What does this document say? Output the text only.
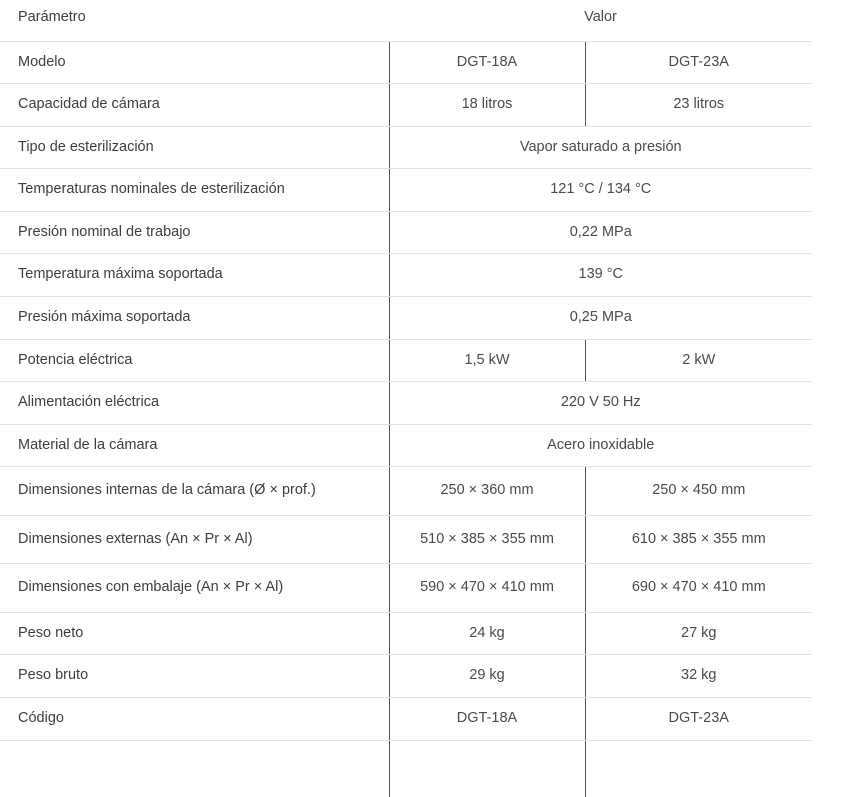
Parámetro	Valor	
Modelo	DGT-18A	DGT-23A
Capacidad de cámara	18 litros	23 litros
Tipo de esterilización	Vapor saturado a presión	
Temperaturas nominales de esterilización	121 °C / 134 °C	
Presión nominal de trabajo	0,22 MPa	
Temperatura máxima soportada	139 °C	
Presión máxima soportada	0,25 MPa	
Potencia eléctrica	1,5 kW	2 kW
Alimentación eléctrica	220 V 50 Hz	
Material de la cámara	Acero inoxidable	
Dimensiones internas de la cámara (Ø × prof.)	250 × 360 mm	250 × 450 mm
Dimensiones externas (An × Pr × Al)	510 × 385 × 355 mm	610 × 385 × 355 mm
Dimensiones con embalaje (An × Pr × Al)	590 × 470 × 410 mm	690 × 470 × 410 mm
Peso neto	24 kg	27 kg
Peso bruto	29 kg	32 kg
Código	DGT-18A	DGT-23A
